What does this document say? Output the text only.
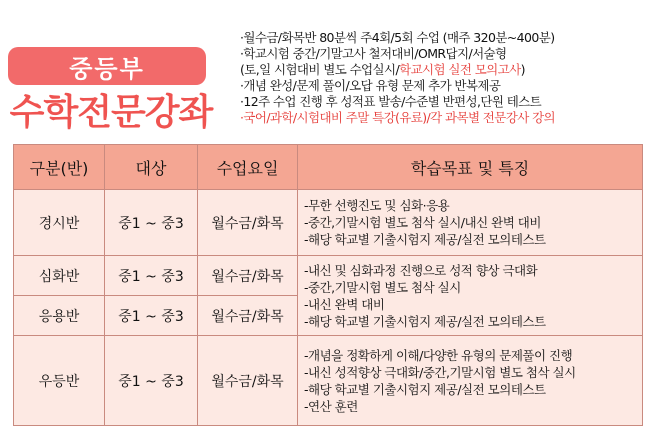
중등부
수학전문강좌
·월수금/화목반 80분씩 주4회/5회 수업 (매주 320분~400분)
·학교시험 중간/기말고사 철저대비/OMR답지/서술형
(토,일 시험대비 별도 수업실시/학교시험 실전 모의고사)
·개념 완성/문제 풀이/오답 유형 문제 추가 반복제공
·12주 수업 진행 후 성적표 발송/수준별 반편성,단원 테스트
·국어/과학/시험대비 주말 특강(유료)/각 과목별 전문강사 강의
구분(반)	대상	수업요일	학습목표 및 특징
경시반	중1 ~ 중3	월수금/화목	-무한 선행진도 및 심화·응용
-중간,기말시험 별도 첨삭 실시/내신 완벽 대비
-해당 학교별 기출시험지 제공/실전 모의테스트

심화반	중1 ~ 중3	월수금/화목	-내신 및 심화과정 진행으로 성적 향상 극대화
-중간,기말시험 별도 첨삭 실시
-내신 완벽 대비
-해당 학교별 기출시험지 제공/실전 모의테스트

응용반	중1 ~ 중3	월수금/화목	
우등반	중1 ~ 중3	월수금/화목	-개념을 정확하게 이해/다양한 유형의 문제풀이 진행
-내신 성적향상 극대화/중간,기말시험 별도 첨삭 실시
-해당 학교별 기출시험지 제공/실전 모의테스트
-연산 훈련
